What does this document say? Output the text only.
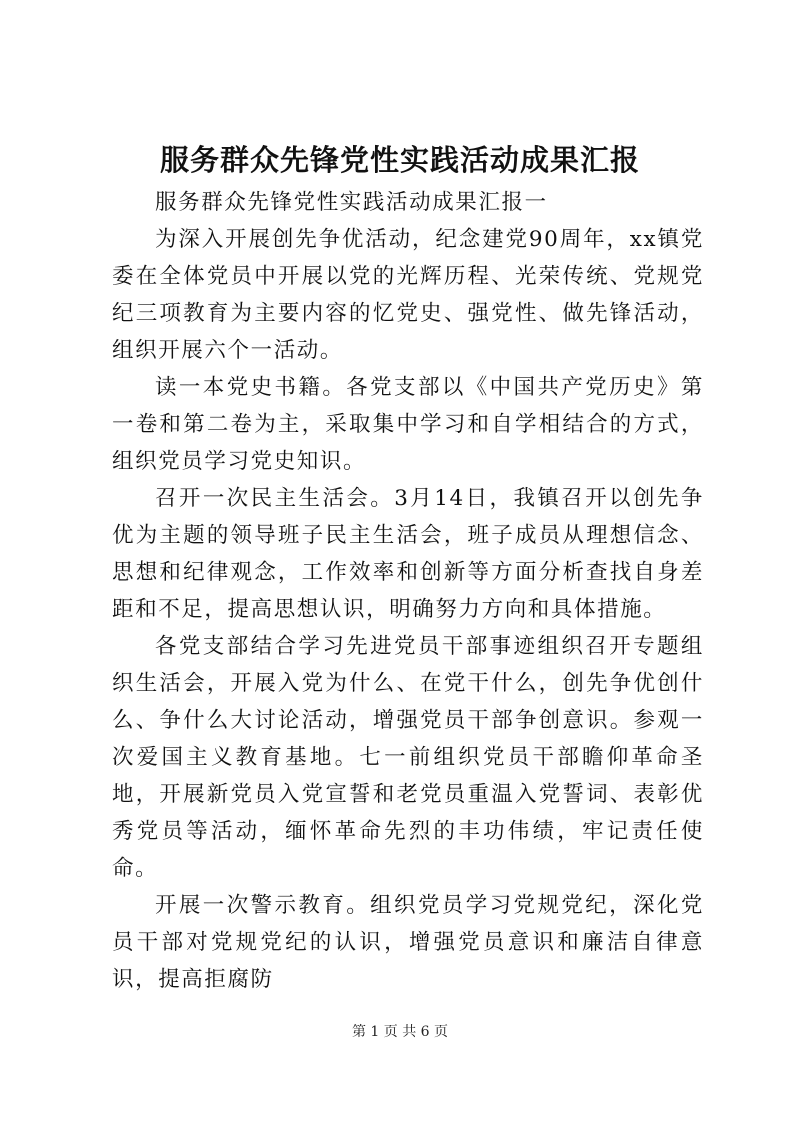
服务群众先锋党性实践活动成果汇报

服务群众先锋党性实践活动成果汇报一

为深入开展创先争优活动，纪念建党90周年，xx镇党委在全体党员中开展以党的光辉历程、光荣传统、党规党纪三项教育为主要内容的忆党史、强党性、做先锋活动，组织开展六个一活动。

读一本党史书籍。各党支部以《中国共产党历史》第一卷和第二卷为主，采取集中学习和自学相结合的方式，组织党员学习党史知识。

召开一次民主生活会。3月14日，我镇召开以创先争优为主题的领导班子民主生活会，班子成员从理想信念、思想和纪律观念，工作效率和创新等方面分析查找自身差距和不足，提高思想认识，明确努力方向和具体措施。

各党支部结合学习先进党员干部事迹组织召开专题组织生活会，开展入党为什么、在党干什么，创先争优创什么、争什么大讨论活动，增强党员干部争创意识。参观一次爱国主义教育基地。七一前组织党员干部瞻仰革命圣地，开展新党员入党宣誓和老党员重温入党誓词、表彰优秀党员等活动，缅怀革命先烈的丰功伟绩，牢记责任使命。

开展一次警示教育。组织党员学习党规党纪，深化党员干部对党规党纪的认识，增强党员意识和廉洁自律意识，提高拒腐防

第 1 页 共 6 页
